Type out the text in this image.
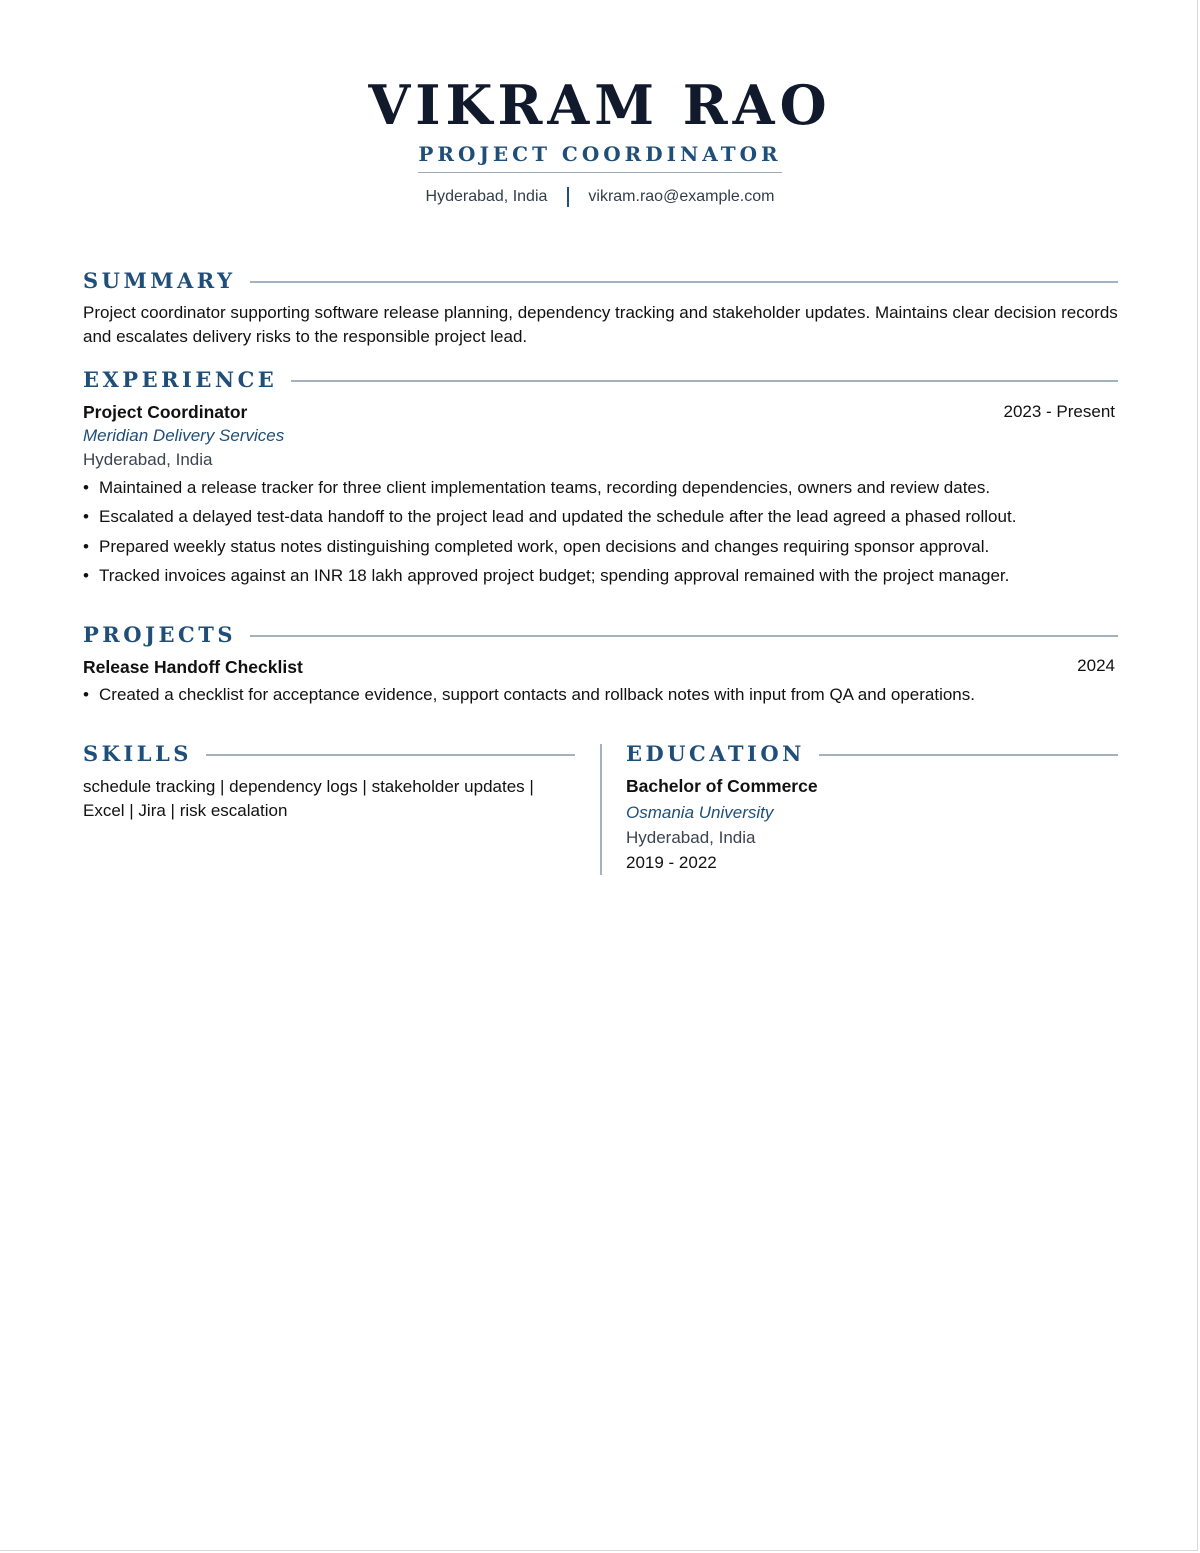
VIKRAM RAO
PROJECT COORDINATOR
Hyderabad, India	vikram.rao@example.com
SUMMARY
Project coordinator supporting software release planning, dependency tracking and stakeholder updates. Maintains clear decision records and escalates delivery risks to the responsible project lead.
EXPERIENCE
Project Coordinator	2023 - Present
Meridian Delivery Services
Hyderabad, India
• Maintained a release tracker for three client implementation teams, recording dependencies, owners and review dates.
• Escalated a delayed test-data handoff to the project lead and updated the schedule after the lead agreed a phased rollout.
• Prepared weekly status notes distinguishing completed work, open decisions and changes requiring sponsor approval.
• Tracked invoices against an INR 18 lakh approved project budget; spending approval remained with the project manager.
PROJECTS
Release Handoff Checklist	2024
• Created a checklist for acceptance evidence, support contacts and rollback notes with input from QA and operations.
SKILLS
schedule tracking | dependency logs | stakeholder updates | Excel | Jira | risk escalation
EDUCATION
Bachelor of Commerce
Osmania University
Hyderabad, India
2019 - 2022
